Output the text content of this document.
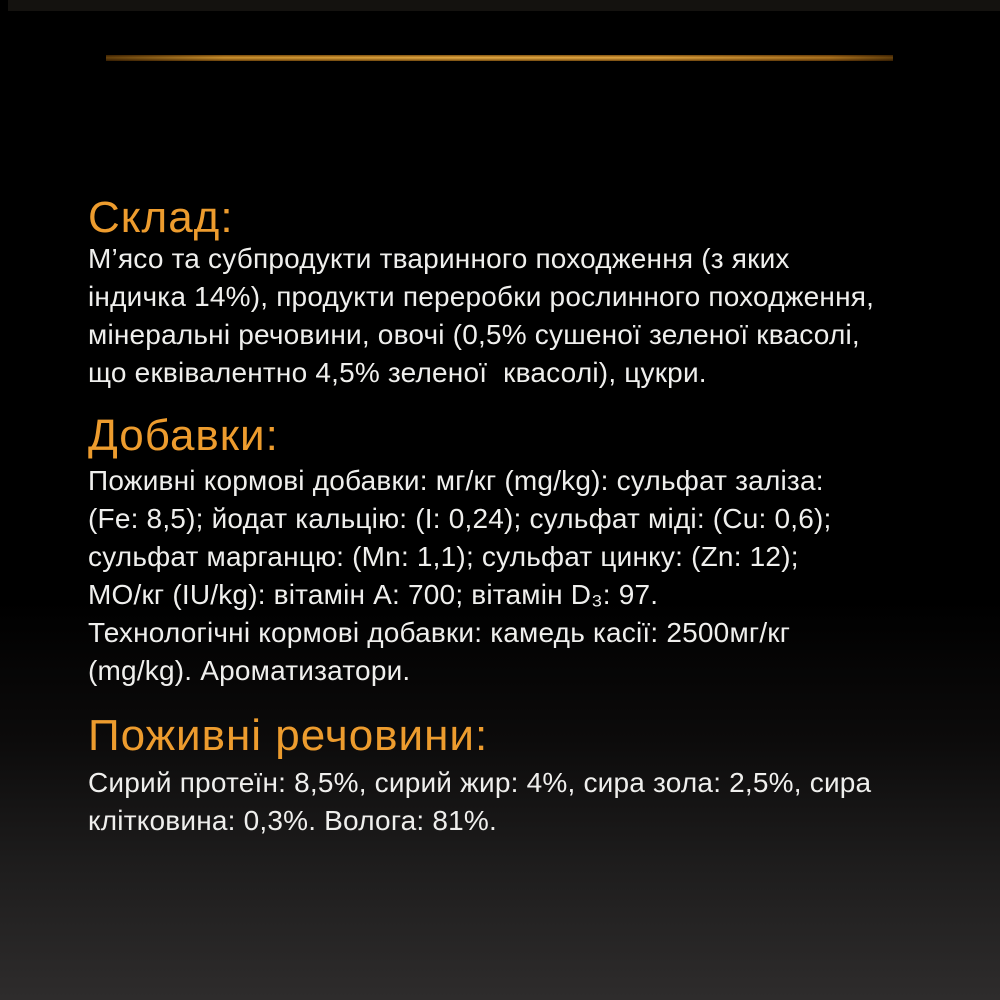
Склад:
М’ясо та субпродукти тваринного походження (з яких
індичка 14%), продукти переробки рослинного походження,
мінеральні речовини, овочі (0,5% сушеної зеленої квасолі,
що еквівалентно 4,5% зеленої  квасолі), цукри.
Добавки:
Поживні кормові добавки: мг/кг (mg/kg): сульфат заліза:
(Fe: 8,5); йодат кальцію: (I: 0,24); сульфат міді: (Cu: 0,6);
сульфат марганцю: (Mn: 1,1); сульфат цинку: (Zn: 12);
МО/кг (IU/kg): вітамін A: 700; вітамін D₃: 97.
Технологічні кормові добавки: камедь касії: 2500мг/кг
(mg/kg). Ароматизатори.
Поживні речовини:
Сирий протеїн: 8,5%, сирий жир: 4%, сира зола: 2,5%, сира
клітковина: 0,3%. Волога: 81%.
